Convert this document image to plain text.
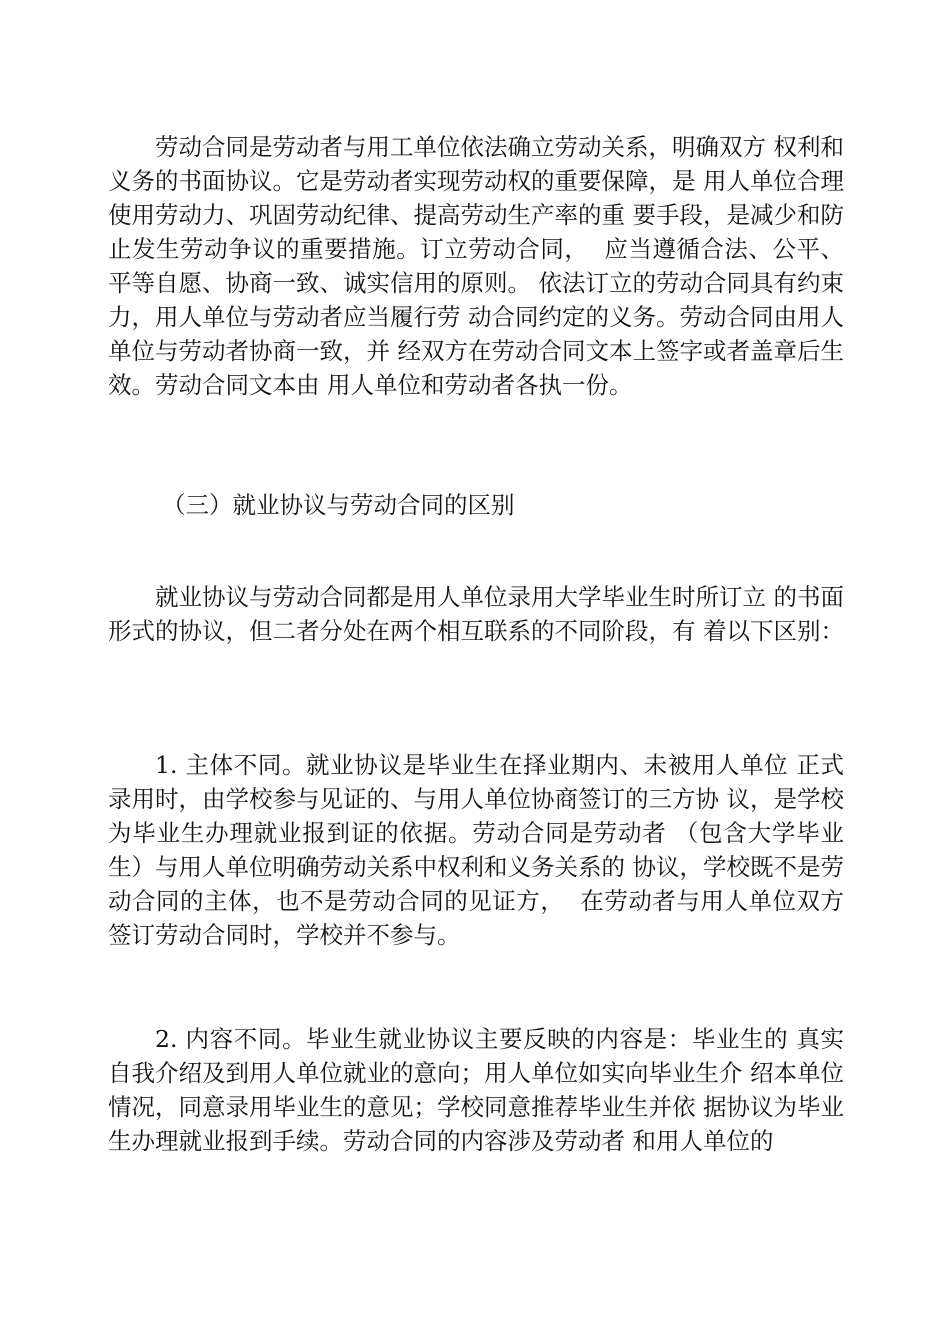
劳动合同是劳动者与用工单位依法确立劳动关系，明确双方 权利和义务的书面协议。它是劳动者实现劳动权的重要保障，是 用人单位合理使用劳动力、巩固劳动纪律、提高劳动生产率的重 要手段，是减少和防止发生劳动争议的重要措施。订立劳动合同，  应当遵循合法、公平、平等自愿、协商一致、诚实信用的原则。 依法订立的劳动合同具有约束力，用人单位与劳动者应当履行劳 动合同约定的义务。劳动合同由用人单位与劳动者协商一致，并 经双方在劳动合同文本上签字或者盖章后生效。劳动合同文本由 用人单位和劳动者各执一份。

（三）就业协议与劳动合同的区别

就业协议与劳动合同都是用人单位录用大学毕业生时所订立 的书面形式的协议，但二者分处在两个相互联系的不同阶段，有 着以下区别：

1. 主体不同。就业协议是毕业生在择业期内、未被用人单位 正式录用时，由学校参与见证的、与用人单位协商签订的三方协 议，是学校为毕业生办理就业报到证的依据。劳动合同是劳动者 （包含大学毕业生）与用人单位明确劳动关系中权利和义务关系的 协议，学校既不是劳动合同的主体，也不是劳动合同的见证方，  在劳动者与用人单位双方签订劳动合同时，学校并不参与。

2. 内容不同。毕业生就业协议主要反映的内容是：毕业生的 真实自我介绍及到用人单位就业的意向；用人单位如实向毕业生介 绍本单位情况，同意录用毕业生的意见；学校同意推荐毕业生并依 据协议为毕业生办理就业报到手续。劳动合同的内容涉及劳动者 和用人单位的
